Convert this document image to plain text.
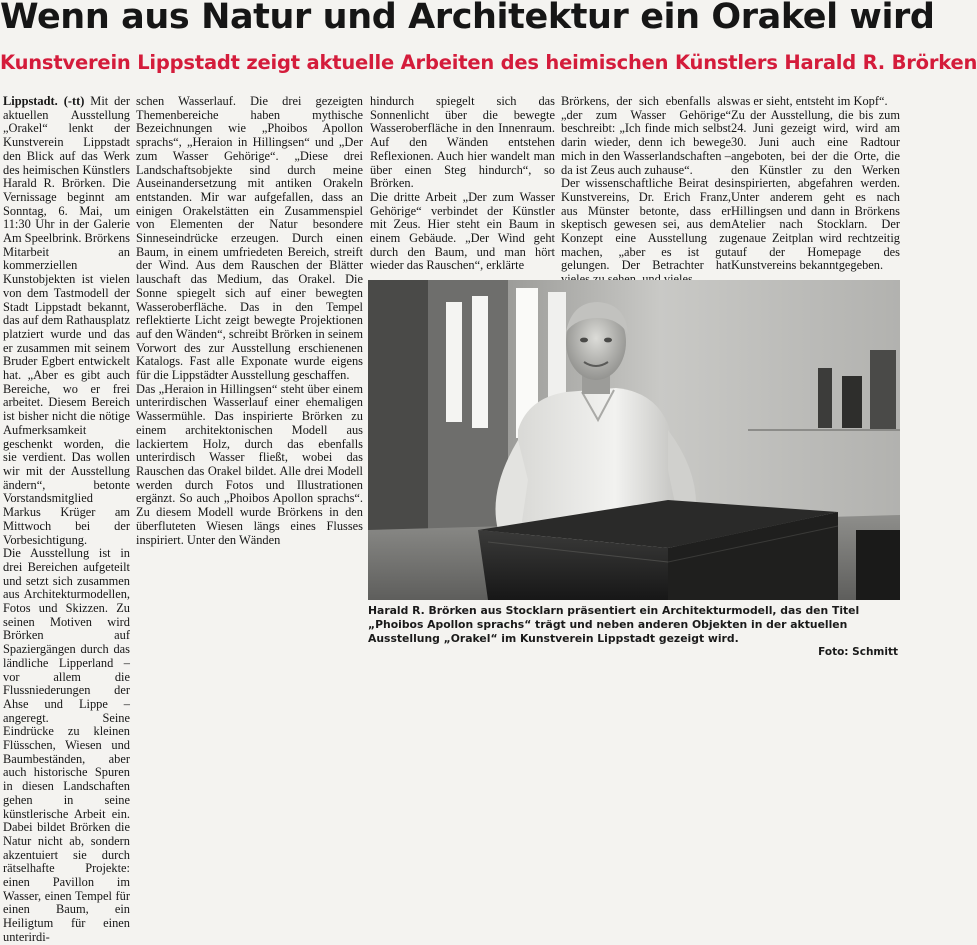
Wenn aus Natur und Architektur ein Orakel wird
Kunstverein Lippstadt zeigt aktuelle Arbeiten des heimischen Künstlers Harald R. Brörken

Lippstadt. (-tt) Mit der aktuellen Ausstellung „Orakel“ lenkt der Kunstverein Lippstadt den Blick auf das Werk des heimischen Künstlers Harald R. Brörken. Die Vernissage beginnt am Sonntag, 6. Mai, um 11:30 Uhr in der Galerie Am Speelbrink. Brörkens Mitarbeit an kommerziellen Kunstobjekten ist vielen von dem Tastmodell der Stadt Lippstadt bekannt, das auf dem Rathausplatz platziert wurde und das er zusammen mit seinem Bruder Egbert entwickelt hat. „Aber es gibt auch Bereiche, wo er frei arbeitet. Diesem Bereich ist bisher nicht die nötige Aufmerksamkeit geschenkt worden, die sie verdient. Das wollen wir mit der Ausstellung ändern“, betonte Vorstandsmitglied Markus Krüger am Mittwoch bei der Vorbesichtigung.

Die Ausstellung ist in drei Bereichen aufgeteilt und setzt sich zusammen aus Architekturmodellen, Fotos und Skizzen. Zu seinen Motiven wird Brörken auf Spaziergängen durch das ländliche Lipperland – vor allem die Flussniederungen der Ahse und Lippe – angeregt. Seine Eindrücke zu kleinen Flüsschen, Wiesen und Baumbeständen, aber auch historische Spuren in diesen Landschaften gehen in seine künstlerische Arbeit ein. Dabei bildet Brörken die Natur nicht ab, sondern akzentuiert sie durch rätselhafte Projekte: einen Pavillon im Wasser, einen Tempel für einen Baum, ein Heiligtum für einen unterirdi-

schen Wasserlauf. Die drei gezeigten Themenbereiche haben mythische Bezeichnungen wie „Phoibos Apollon sprachs“, „Heraion in Hillingsen“ und „Der zum Wasser Gehörige“. „Diese drei Landschaftsobjekte sind durch meine Auseinandersetzung mit antiken Orakeln entstanden. Mir war aufgefallen, dass an einigen Orakelstätten ein Zusammenspiel von Elementen der Natur besondere Sinneseindrücke erzeugen. Durch einen Baum, in einem umfriedeten Bereich, streift der Wind. Aus dem Rauschen der Blätter lauschaft das Medium, das Orakel. Die Sonne spiegelt sich auf einer bewegten Wasseroberfläche. Das in den Tempel reflektierte Licht zeigt bewegte Projektionen auf den Wänden“, schreibt Brörken in seinem Vorwort des zur Ausstellung erschienenen Katalogs. Fast alle Exponate wurde eigens für die Lippstädter Ausstellung geschaffen.

Das „Heraion in Hillingsen“ steht über einem unterirdischen Wasserlauf einer ehemaligen Wassermühle. Das inspirierte Brörken zu einem architektonischen Modell aus lackiertem Holz, durch das ebenfalls unterirdisch Wasser fließt, wobei das Rauschen das Orakel bildet. Alle drei Modell werden durch Fotos und Illustrationen ergänzt. So auch „Phoibos Apollon sprachs“. Zu diesem Modell wurde Brörkens in den überfluteten Wiesen längs eines Flusses inspiriert. Unter den Wänden

hindurch spiegelt sich das Sonnenlicht über die bewegte Wasseroberfläche in den Innenraum. Auf den Wänden entstehen Reflexionen. Auch hier wandelt man über einen Steg hindurch“, so Brörken.

Die dritte Arbeit „Der zum Wasser Gehörige“ verbindet der Künstler mit Zeus. Hier steht ein Baum in einem Gebäude. „Der Wind geht durch den Baum, und man hört wieder das Rauschen“, erklärte

Brörkens, der sich ebenfalls als „der zum Wasser Gehörige“ beschreibt: „Ich finde mich selbst darin wieder, denn ich bewege mich in den Wasserlandschaften – da ist Zeus auch zuhause“.

Der wissenschaftliche Beirat des Kunstvereins, Dr. Erich Franz, aus Münster betonte, dass er skeptisch gewesen sei, aus dem Konzept eine Ausstellung zu machen, „aber es ist gut gelungen. Der Betrachter hat

was er sieht, entsteht im Kopf“.

Zu der Ausstellung, die bis zum 24. Juni gezeigt wird, wird am 30. Juni auch eine Radtour angeboten, bei der die Orte, die den Künstler zu den Werken inspirierten, abgefahren werden. Unter anderem geht es nach Hillingsen und dann in Brörkens Atelier nach Stocklarn. Der genaue Zeitplan wird rechtzeitig auf der Homepage des Kunstvereins bekanntgegeben.

Harald R. Brörken aus Stocklarn präsentiert ein Architekturmodell, das den Titel „Phoibos Apollon sprachs“ trägt und neben anderen Objekten in der aktuellen Ausstellung „Orakel“ im Kunstverein Lippstadt gezeigt wird.
Foto: Schmitt
